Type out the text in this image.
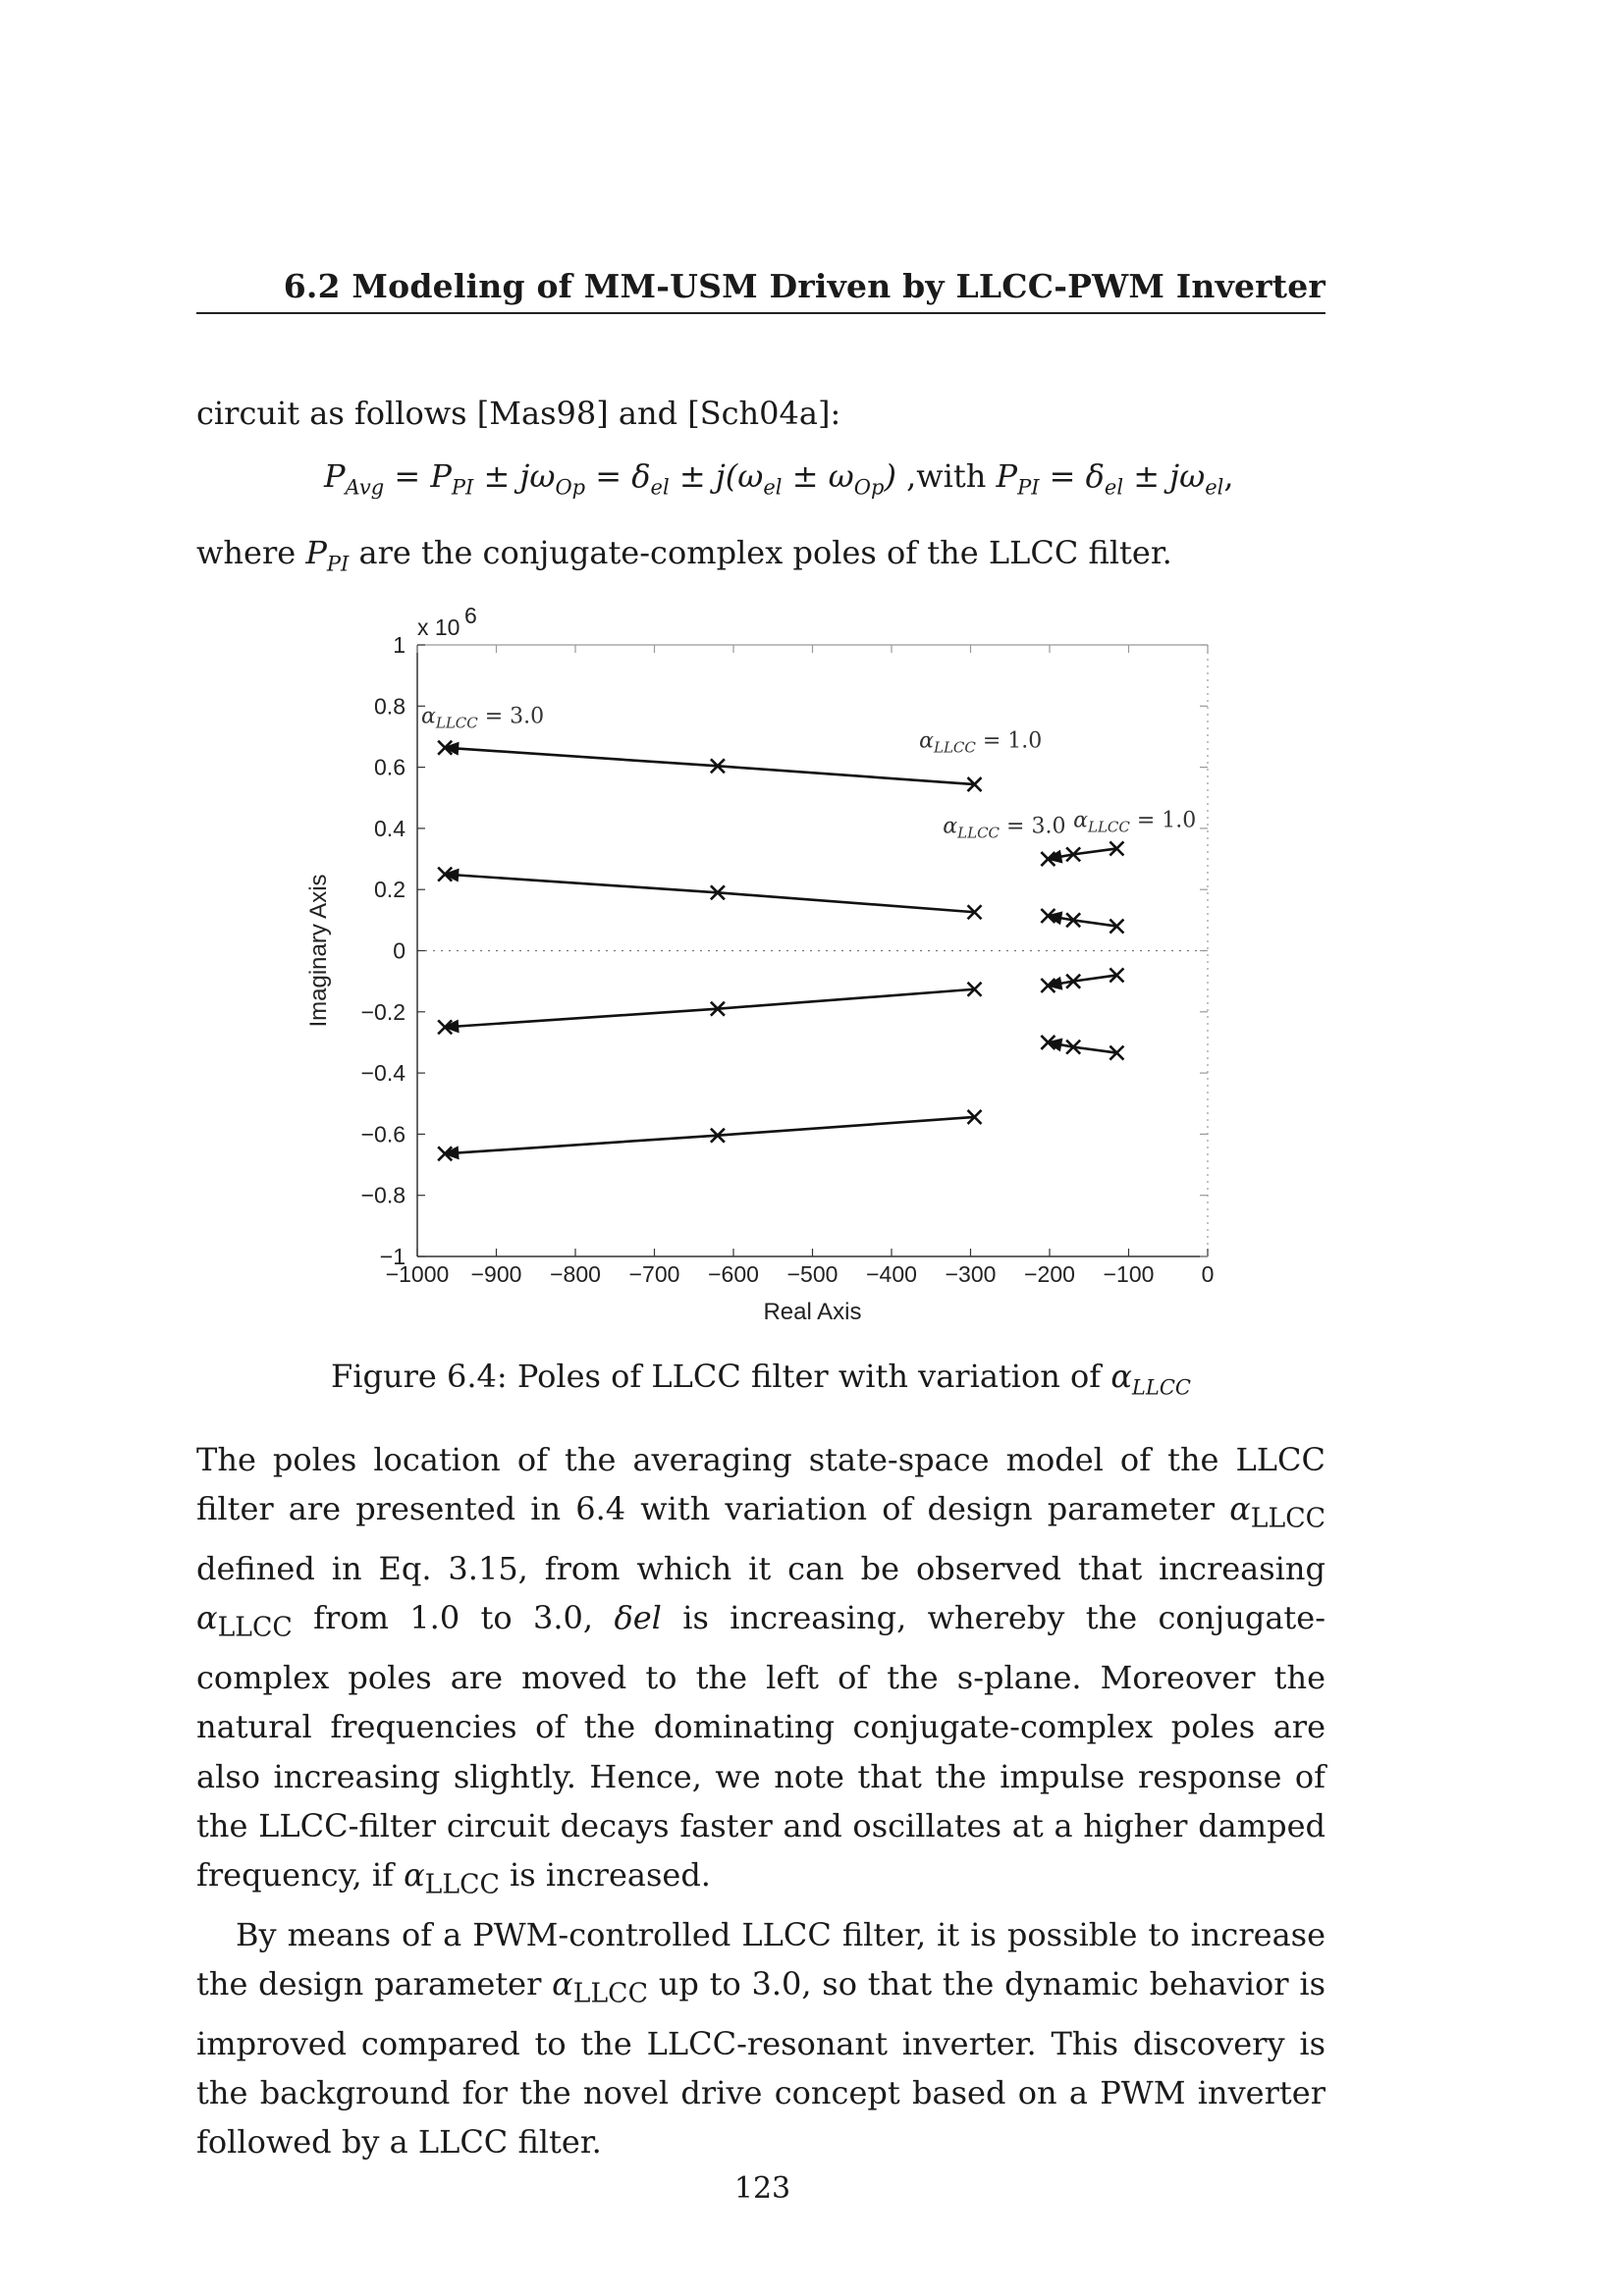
6.2 Modeling of MM-USM Driven by LLCC-PWM Inverter
circuit as follows [Mas98] and [Sch04a]:
$P_{Avg} = P_{PI} \pm j\omega_{Op} = \delta_{el} \pm j(\omega_{el} \pm \omega_{Op})$ ,with $P_{PI} = \delta_{el} \pm j\omega_{el}$,
where $P_{PI}$ are the conjugate-complex poles of the LLCC filter.
−1000 −900 −800 −700 −600 −500 −400 −300 −200 −100 0
1
0.8
0.6
0.4
0.2
0
−0.2
−0.4
−0.6
−0.8
−1
x 10 6
Real Axis
Imaginary Axis
$\alpha_{LLCC} = 3.0$
$\alpha_{LLCC} = 1.0$
$\alpha_{LLCC} = 3.0$ $\alpha_{LLCC} = 1.0$
Figure 6.4: Poles of LLCC filter with variation of $\alpha_{LLCC}$

The poles location of the averaging state-space model of the LLCC filter are presented in 6.4 with variation of design parameter $\alpha_{LLCC}$ defined in Eq. 3.15, from which it can be observed that increasing $\alpha_{LLCC}$ from 1.0 to 3.0, δel is increasing, whereby the conjugate-complex poles are moved to the left of the s-plane. Moreover the natural frequencies of the dominating conjugate-complex poles are also increasing slightly. Hence, we note that the impulse response of the LLCC-filter circuit decays faster and oscillates at a higher damped frequency, if $\alpha_{LLCC}$ is increased.

By means of a PWM-controlled LLCC filter, it is possible to increase the design parameter $\alpha_{LLCC}$ up to 3.0, so that the dynamic behavior is improved compared to the LLCC-resonant inverter. This discovery is the background for the novel drive concept based on a PWM inverter followed by a LLCC filter.

123
